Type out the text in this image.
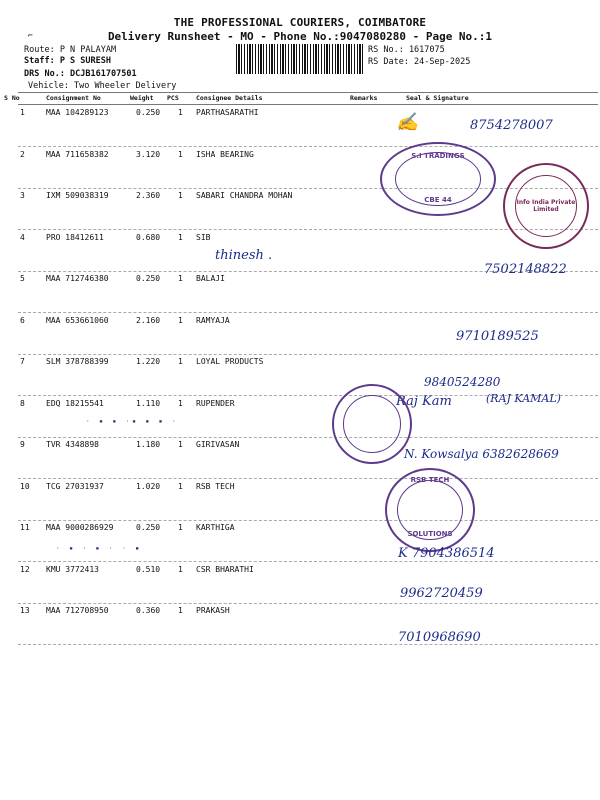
THE PROFESSIONAL COURIERS, COIMBATORE
Delivery Runsheet - MO - Phone No.:9047080280 - Page No.:1
⌐
Route: P N PALAYAM
Staff: P S SURESH
DRS No.: DCJB161707501
Vehicle: Two Wheeler Delivery
RS No.: 1617075
RS Date: 24-Sep-2025
S No	Consignment No	Weight PCS	Consignee Details	Remarks	Seal & Signature
1	MAA 104289123	0.250 1 PARTHASARATHI
2	MAA 711658382	3.120 1 ISHA BEARING
3	IXM 509038319	2.360 1 SABARI CHANDRA MOHAN
4	PRO 18412611	0.680 1 SIB
5	MAA 712746380	0.250 1 BALAJI
6	MAA 653661060	2.160 1 RAMYAJA
7	SLM 378788399	1.220 1 LOYAL PRODUCTS
8	EDQ 18215541	1.110 1 RUPENDER
9	TVR 4348898	1.180 1 GIRIVASAN
10 TCG 27031937	1.020 1 RSB TECH
11 MAA 9000286929	0.250 1 KARTHIGA
12 KMU 3772413	0.510 1 CSR BHARATHI
13 MAA 712708950	0.360 1 PRAKASH
✍	8754278007
S.I TRADINGS
CBE 44	Info India Private Limited
thinesh .
7502148822
9710189525
9840524280
Raj Kam	(RAJ KAMAL)
N. Kowsalya 6382628669
RSB TECH
SOLUTIONS
K 7904386514
9962720459
7010968690
· ▪ ▪ ·▪ ▪ ▪ ·
· ▪ · ▪ · · ▪
